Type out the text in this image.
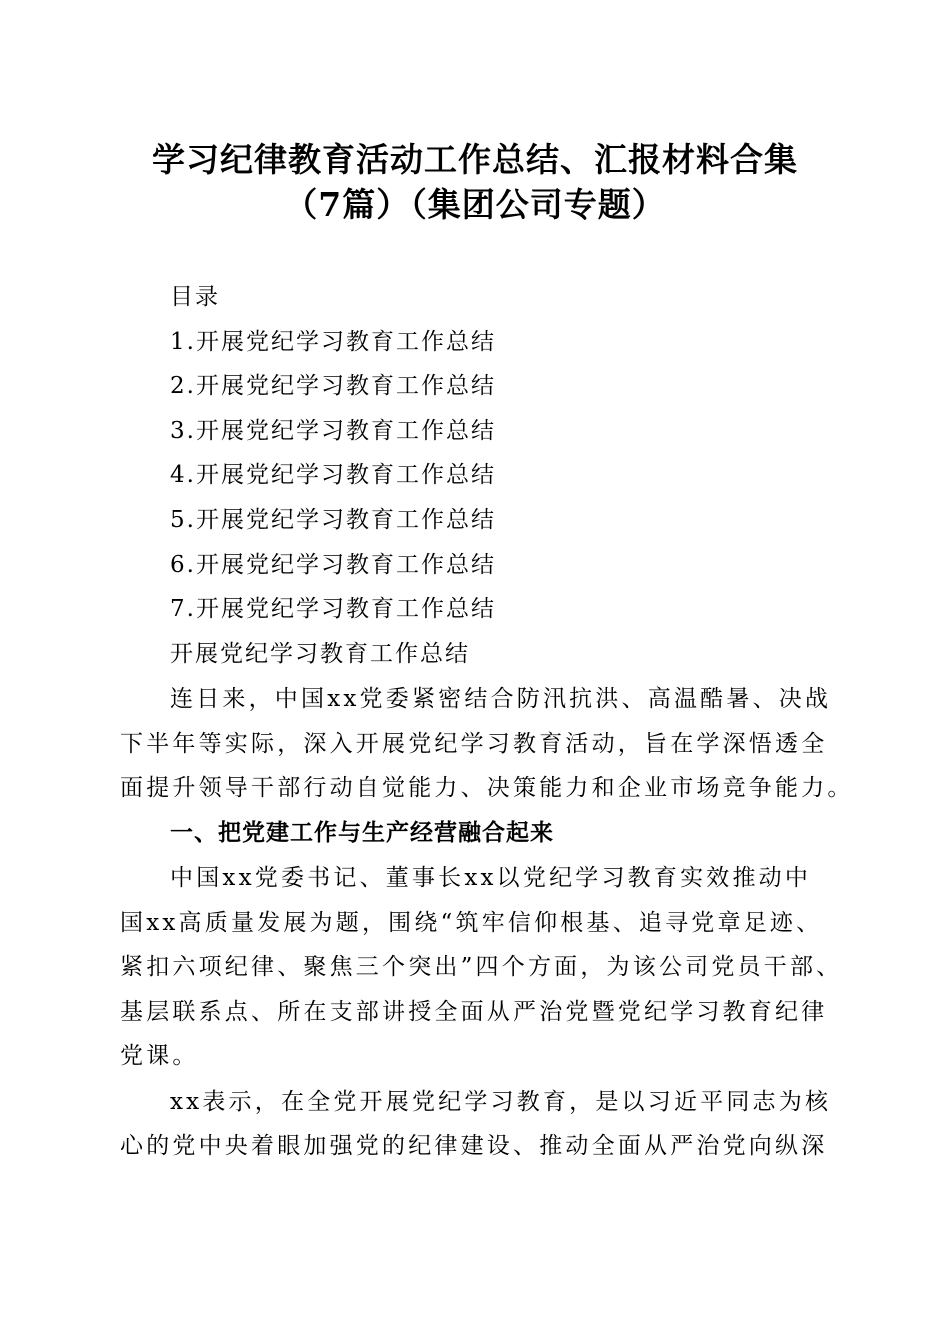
学习纪律教育活动工作总结、汇报材料合集
（7篇）（集团公司专题）
目录
1.开展党纪学习教育工作总结
2.开展党纪学习教育工作总结
3.开展党纪学习教育工作总结
4.开展党纪学习教育工作总结
5.开展党纪学习教育工作总结
6.开展党纪学习教育工作总结
7.开展党纪学习教育工作总结
开展党纪学习教育工作总结
连日来，中国xx党委紧密结合防汛抗洪、高温酷暑、决战
下半年等实际，深入开展党纪学习教育活动，旨在学深悟透全
面提升领导干部行动自觉能力、决策能力和企业市场竞争能力。
一、把党建工作与生产经营融合起来
中国xx党委书记、董事长xx以党纪学习教育实效推动中
国xx高质量发展为题，围绕“筑牢信仰根基、追寻党章足迹、
紧扣六项纪律、聚焦三个突出”四个方面，为该公司党员干部、
基层联系点、所在支部讲授全面从严治党暨党纪学习教育纪律
党课。
xx表示，在全党开展党纪学习教育，是以习近平同志为核
心的党中央着眼加强党的纪律建设、推动全面从严治党向纵深
